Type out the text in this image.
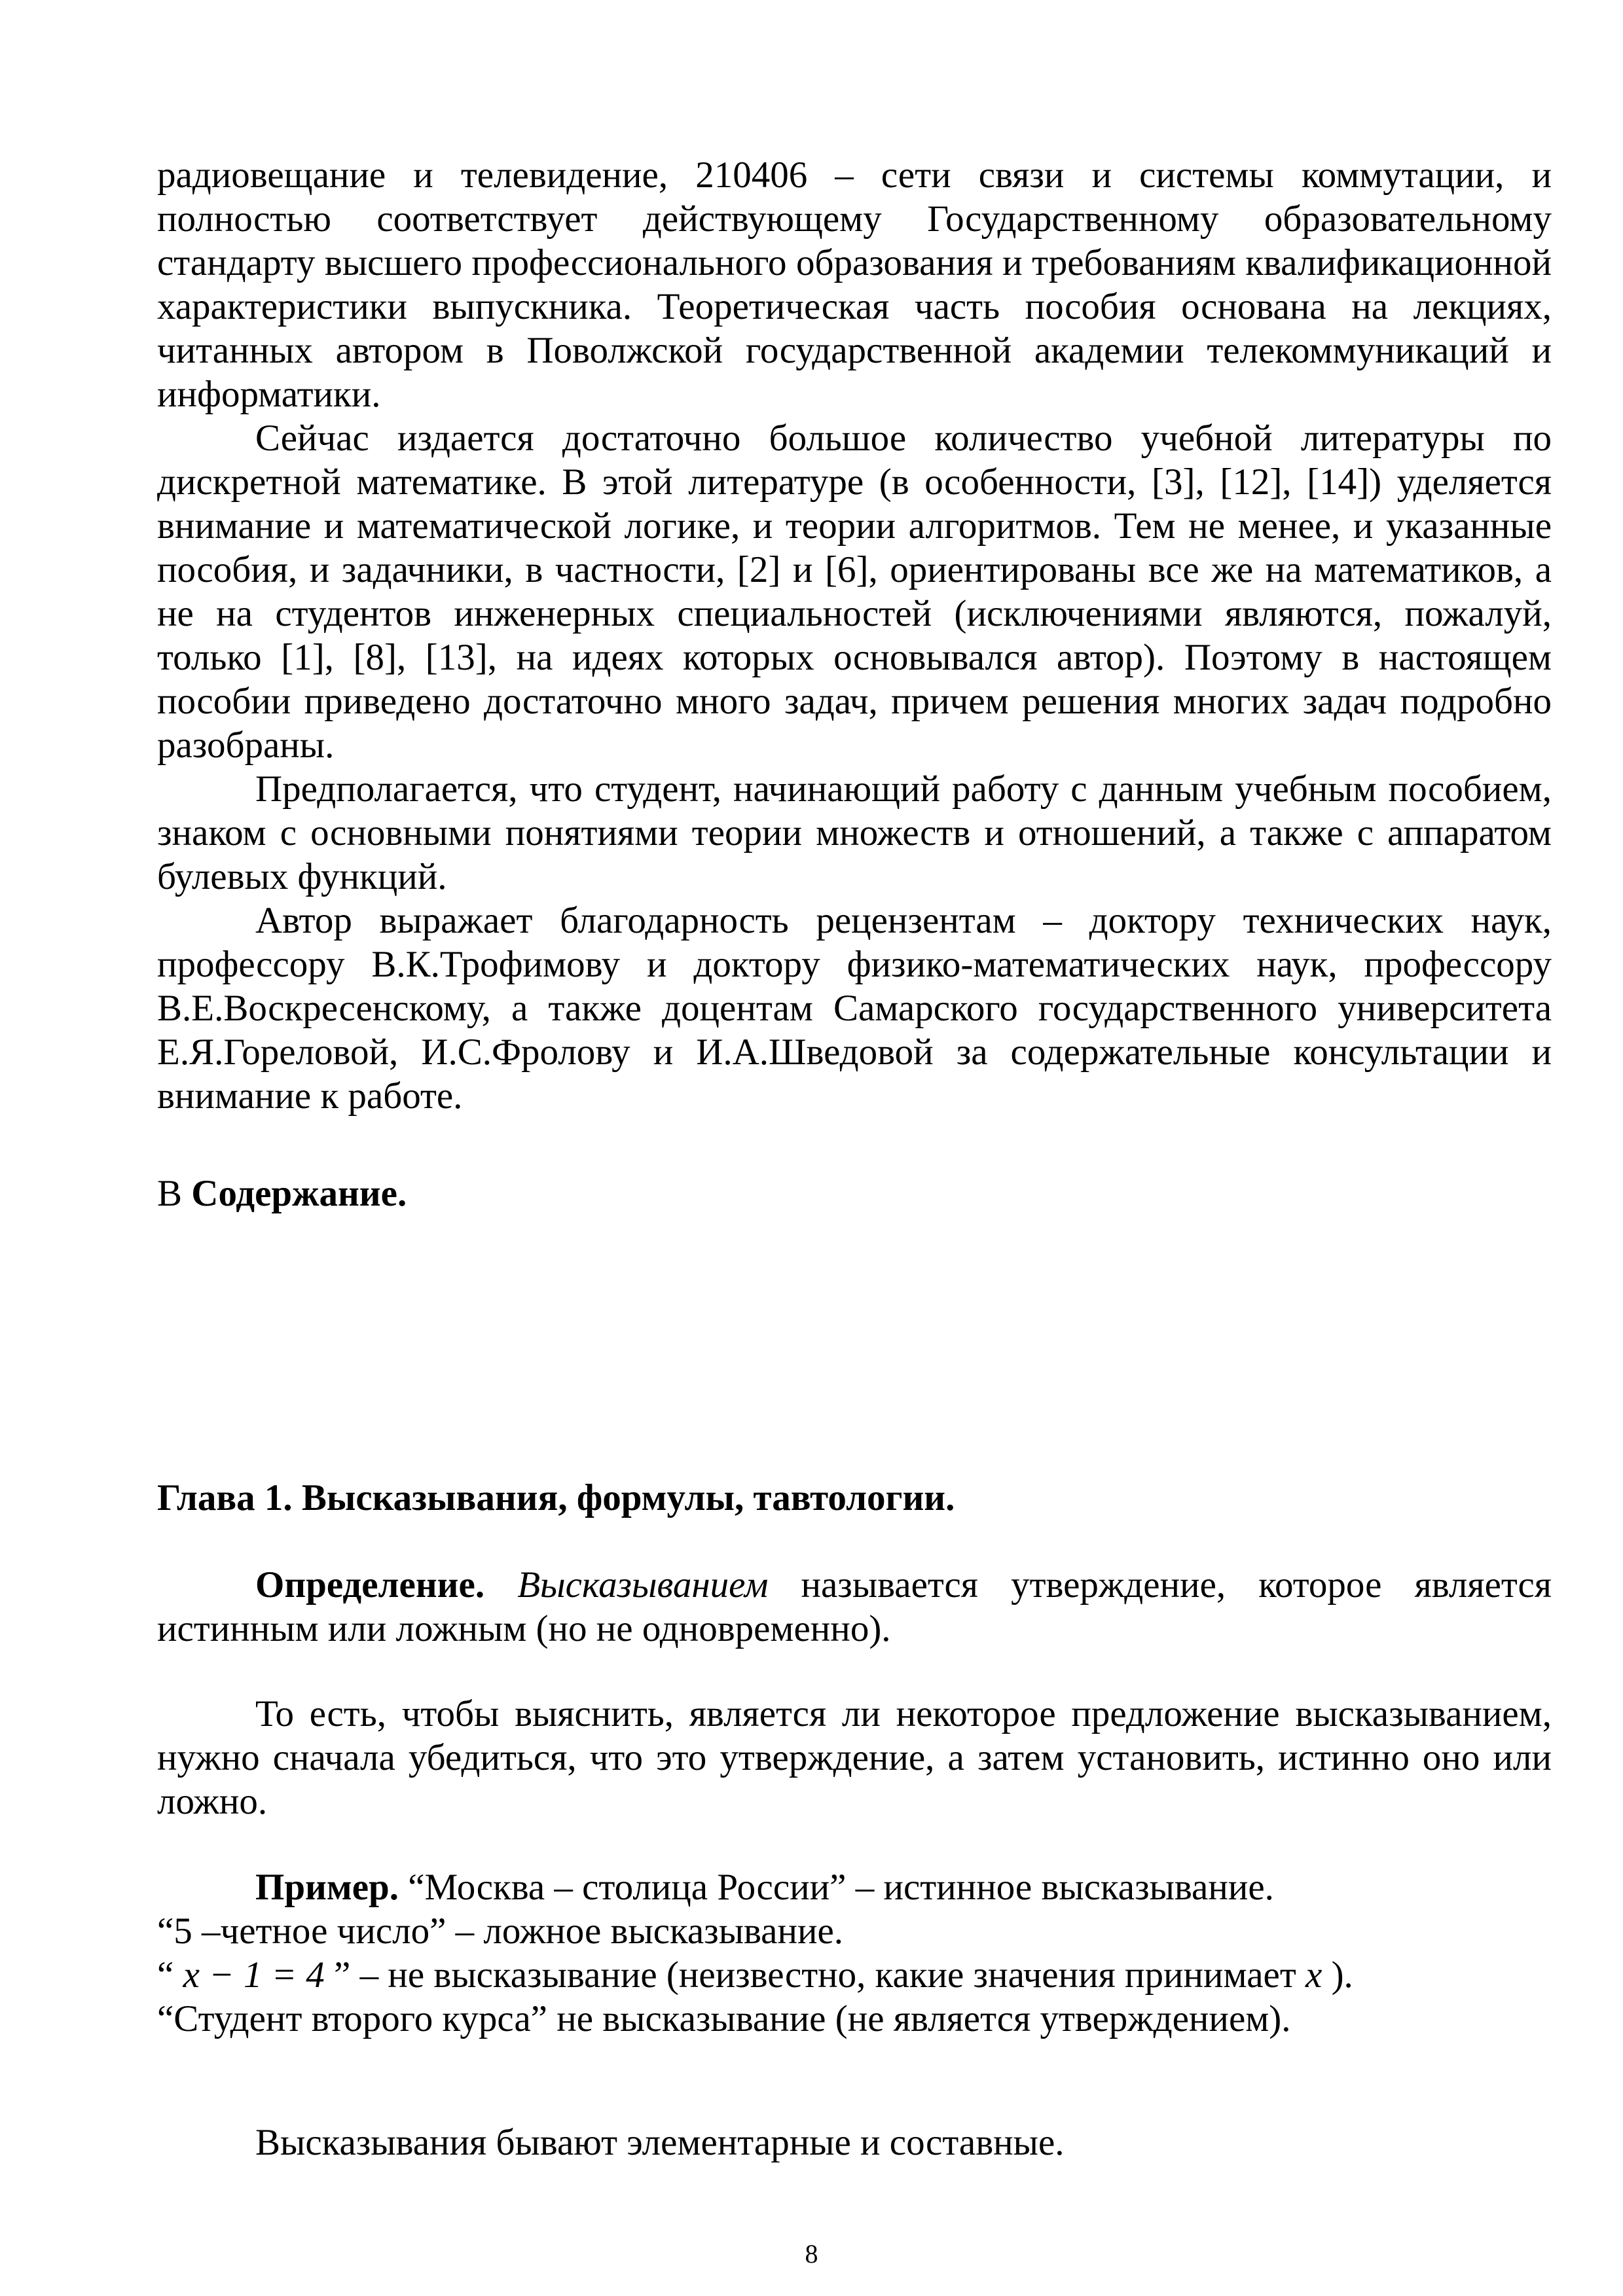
радиовещание и телевидение, 210406 – сети связи и системы коммутации, и полностью соответствует действующему Государственному образовательному стандарту высшего профессионального образования и требованиям квалификационной характеристики выпускника. Теоретическая часть пособия основана на лекциях, читанных автором в Поволжской государственной академии телекоммуникаций и информатики.

Сейчас издается достаточно большое количество учебной литературы по дискретной математике. В этой литературе (в особенности, [3], [12], [14]) уделяется внимание и математической логике, и теории алгоритмов. Тем не менее, и указанные пособия, и задачники, в частности, [2] и [6], ориентированы все же на математиков, а не на студентов инженерных специальностей (исключениями являются, пожалуй, только [1], [8], [13], на идеях которых основывался автор). Поэтому в настоящем пособии приведено достаточно много задач, причем решения многих задач подробно разобраны.

Предполагается, что студент, начинающий работу с данным учебным пособием, знаком с основными понятиями теории множеств и отношений, а также с аппаратом булевых функций.

Автор выражает благодарность рецензентам – доктору технических наук, профессору В.К.Трофимову и доктору физико-математических наук, профессору В.Е.Воскресенскому, а также доцентам Самарского государственного университета Е.Я.Гореловой, И.С.Фролову и И.А.Шведовой за содержательные консультации и внимание к работе.

В Содержание.

Глава 1. Высказывания, формулы, тавтологии.

Определение. Высказыванием называется утверждение, которое является истинным или ложным (но не одновременно).

То есть, чтобы выяснить, является ли некоторое предложение высказыванием, нужно сначала убедиться, что это утверждение, а затем установить, истинно оно или ложно.

Пример. “Москва – столица России” – истинное высказывание.

“5 –четное число” – ложное высказывание.

“ x − 1 = 4 ” – не высказывание (неизвестно, какие значения принимает x ).

“Студент второго курса” не высказывание (не является утверждением).

Высказывания бывают элементарные и составные.

8
